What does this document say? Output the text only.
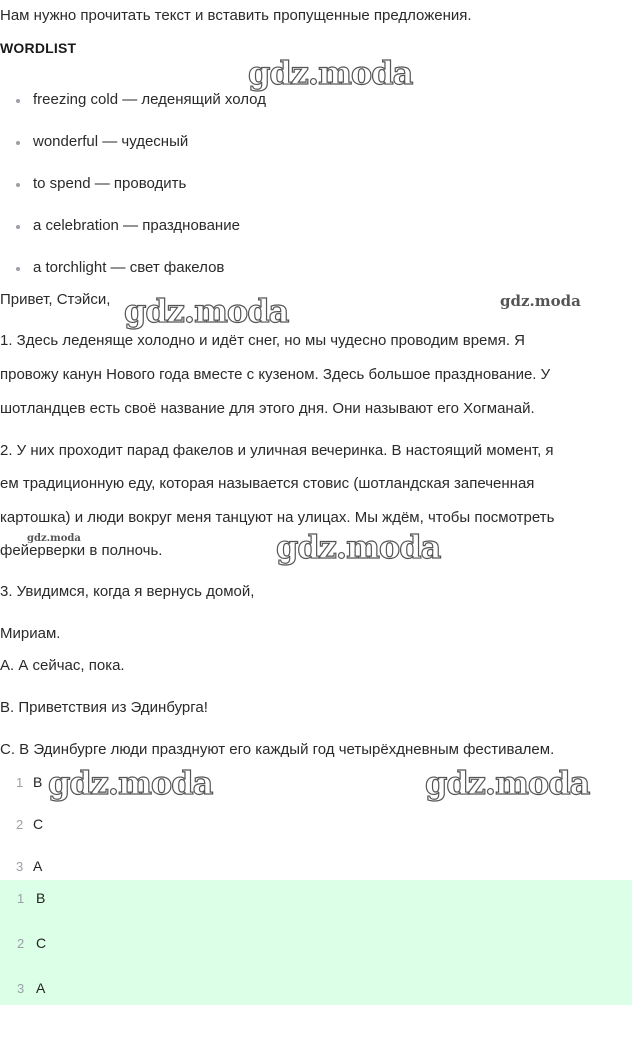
Нам нужно прочитать текст и вставить пропущенные предложения.
WORDLIST
freezing cold — леденящий холод
wonderful — чудесный
to spend — проводить
a celebration — празднование
a torchlight — свет факелов
Привет, Стэйси,
1. Здесь леденяще холодно и идёт снег, но мы чудесно проводим время. Я
провожу канун Нового года вместе с кузеном. Здесь большое празднование. У
шотландцев есть своё название для этого дня. Они называют его Хогманай.
2. У них проходит парад факелов и уличная вечеринка. В настоящий момент, я
ем традиционную еду, которая называется стовис (шотландская запеченная
картошка) и люди вокруг меня танцуют на улицах. Мы ждём, чтобы посмотреть
фейерверки в полночь.
3. Увидимся, когда я вернусь домой,
Мириам.
A. А сейчас, пока.
B. Приветствия из Эдинбурга!
C. В Эдинбурге люди празднуют его каждый год четырёхдневным фестивалем.
1 B
2 C
3 A
1 B
2 C
3 A
gdz.moda
gdz.moda	gdz.moda
gdz.moda	gdz.moda
gdz.moda	gdz.moda
